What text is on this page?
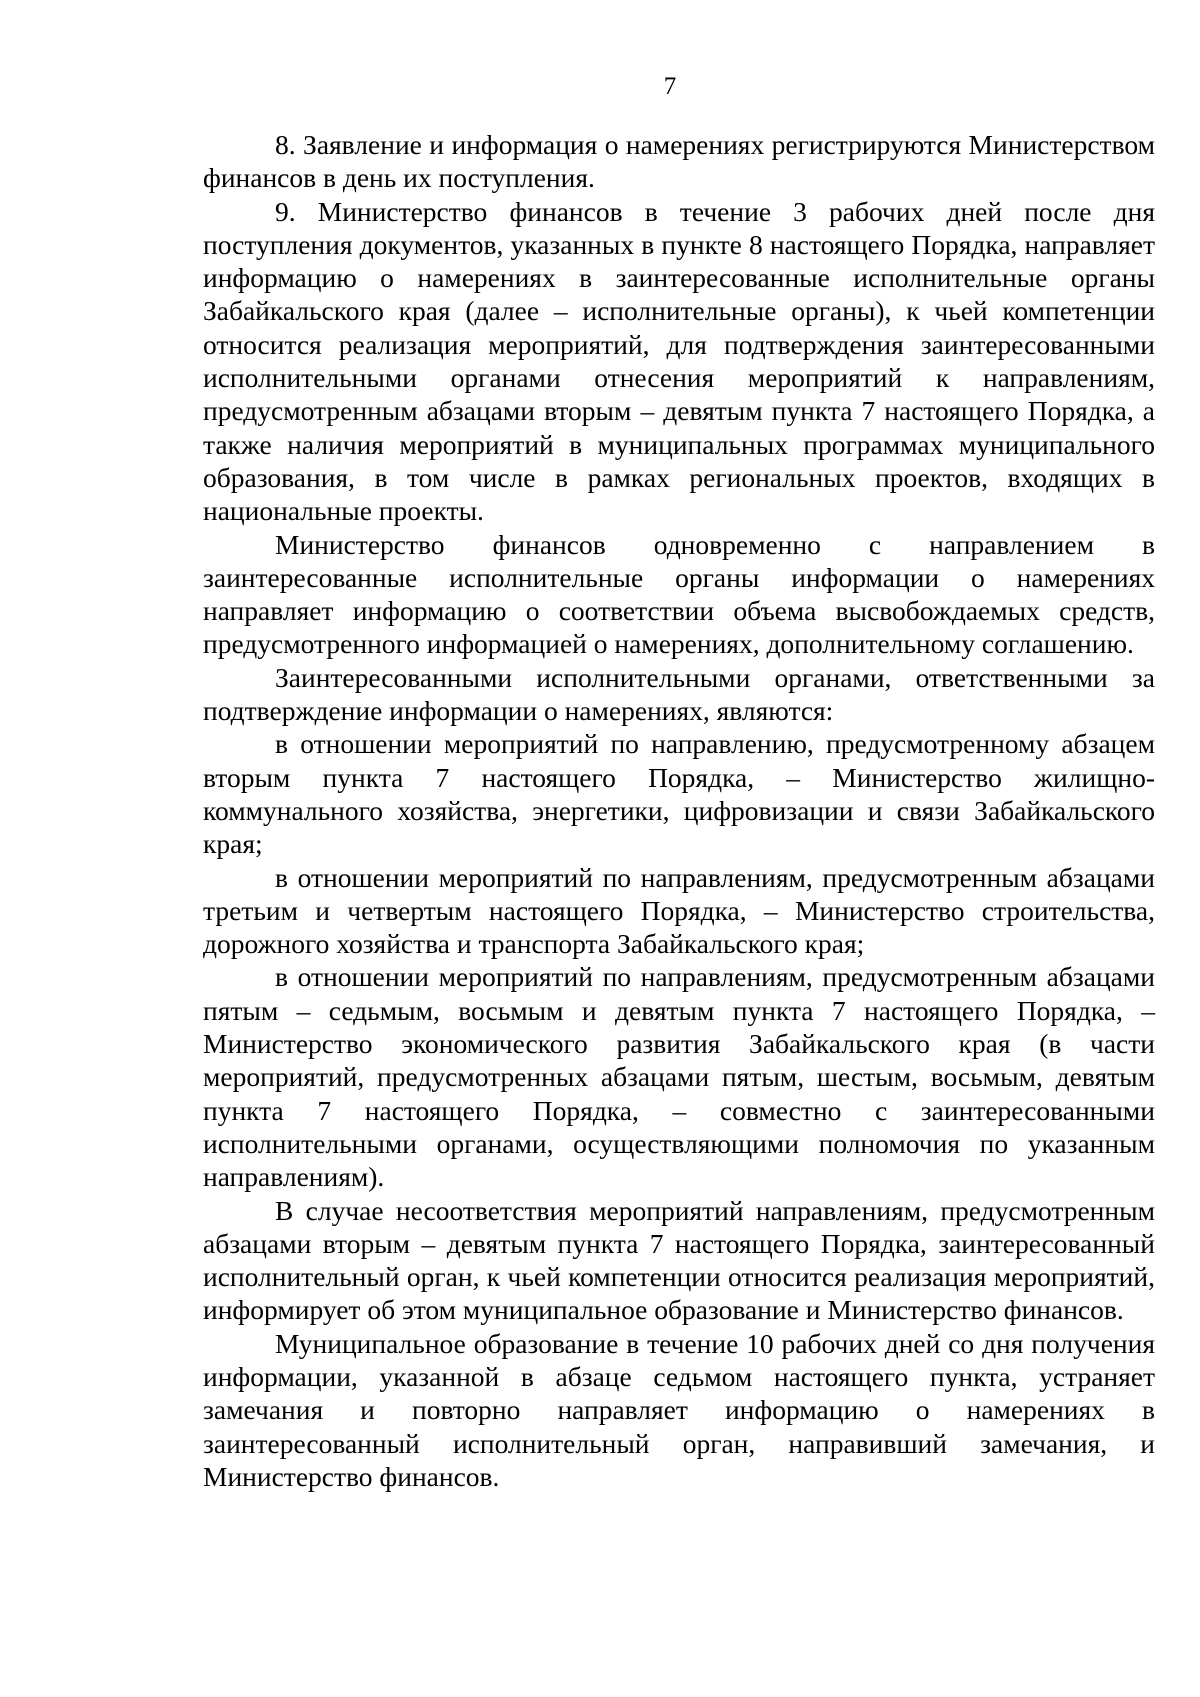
7

8. Заявление и информация о намерениях регистрируются Министерством финансов в день их поступления.

9. Министерство финансов в течение 3 рабочих дней после дня поступления документов, указанных в пункте 8 настоящего Порядка, направляет информацию о намерениях в заинтересованные исполнительные органы Забайкальского края (далее – исполнительные органы), к чьей компетенции относится реализация мероприятий, для подтверждения заинтересованными исполнительными органами отнесения мероприятий к направлениям, предусмотренным абзацами вторым – девятым пункта 7 настоящего Порядка, а также наличия мероприятий в муниципальных программах муниципального образования, в том числе в рамках региональных проектов, входящих в национальные проекты.

Министерство финансов одновременно с направлением в заинтересованные исполнительные органы информации о намерениях направляет информацию о соответствии объема высвобождаемых средств, предусмотренного информацией о намерениях, дополнительному соглашению.

Заинтересованными исполнительными органами, ответственными за подтверждение информации о намерениях, являются:

в отношении мероприятий по направлению, предусмотренному абзацем вторым пункта 7 настоящего Порядка, – Министерство жилищно-коммунального хозяйства, энергетики, цифровизации и связи Забайкальского края;

в отношении мероприятий по направлениям, предусмотренным абзацами третьим и четвертым настоящего Порядка, – Министерство строительства, дорожного хозяйства и транспорта Забайкальского края;

в отношении мероприятий по направлениям, предусмотренным абзацами пятым – седьмым, восьмым и девятым пункта 7 настоящего Порядка, – Министерство экономического развития Забайкальского края (в части мероприятий, предусмотренных абзацами пятым, шестым, восьмым, девятым пункта 7 настоящего Порядка, – совместно с заинтересованными исполнительными органами, осуществляющими полномочия по указанным направлениям).

В случае несоответствия мероприятий направлениям, предусмотренным абзацами вторым – девятым пункта 7 настоящего Порядка, заинтересованный исполнительный орган, к чьей компетенции относится реализация мероприятий, информирует об этом муниципальное образование и Министерство финансов.

Муниципальное образование в течение 10 рабочих дней со дня получения информации, указанной в абзаце седьмом настоящего пункта, устраняет замечания и повторно направляет информацию о намерениях в заинтересованный исполнительный орган, направивший замечания, и Министерство финансов.
